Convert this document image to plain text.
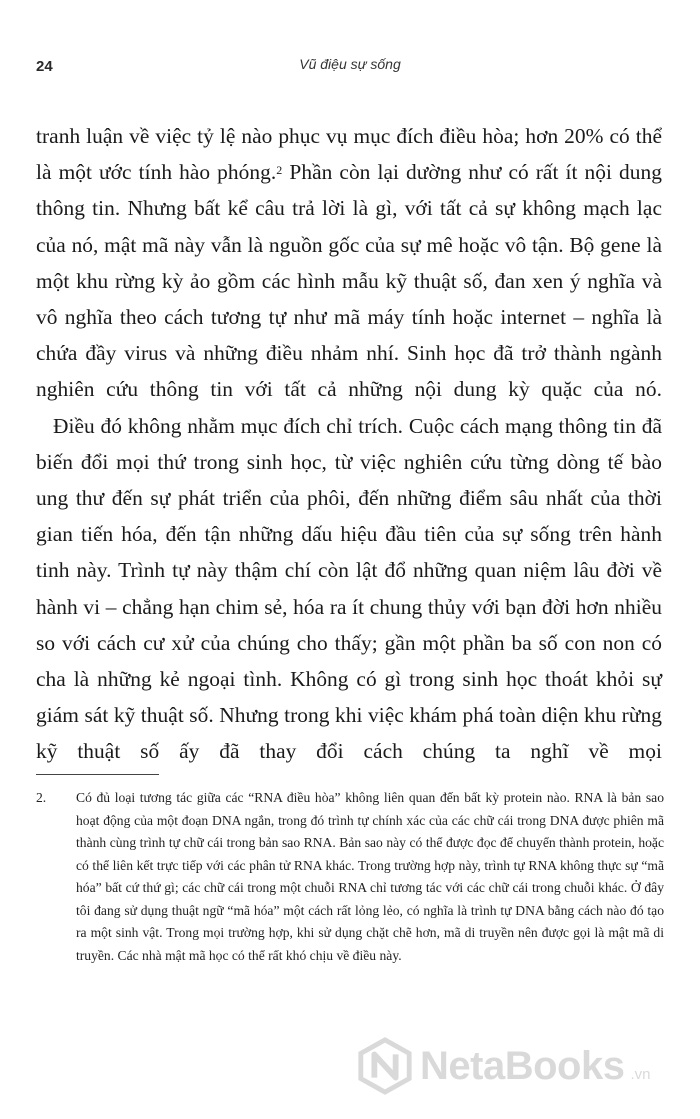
24	Vũ điệu sự sống

tranh luận về việc tỷ lệ nào phục vụ mục đích điều hòa; hơn 20% có thể là một ước tính hào phóng.$^2$ Phần còn lại dường như có rất ít nội dung thông tin. Nhưng bất kể câu trả lời là gì, với tất cả sự không mạch lạc của nó, mật mã này vẫn là nguồn gốc của sự mê hoặc vô tận. Bộ gene là một khu rừng kỳ ảo gồm các hình mẫu kỹ thuật số, đan xen ý nghĩa và vô nghĩa theo cách tương tự như mã máy tính hoặc internet – nghĩa là chứa đầy virus và những điều nhảm nhí. Sinh học đã trở thành ngành nghiên cứu thông tin với tất cả những nội dung kỳ quặc của nó.

Điều đó không nhằm mục đích chỉ trích. Cuộc cách mạng thông tin đã biến đổi mọi thứ trong sinh học, từ việc nghiên cứu từng dòng tế bào ung thư đến sự phát triển của phôi, đến những điểm sâu nhất của thời gian tiến hóa, đến tận những dấu hiệu đầu tiên của sự sống trên hành tinh này. Trình tự này thậm chí còn lật đổ những quan niệm lâu đời về hành vi – chẳng hạn chim sẻ, hóa ra ít chung thủy với bạn đời hơn nhiều so với cách cư xử của chúng cho thấy; gần một phần ba số con non có cha là những kẻ ngoại tình. Không có gì trong sinh học thoát khỏi sự giám sát kỹ thuật số. Nhưng trong khi việc khám phá toàn diện khu rừng kỹ thuật số ấy đã thay đổi cách chúng ta nghĩ về mọi

2. Có đủ loại tương tác giữa các “RNA điều hòa” không liên quan đến bất kỳ protein nào. RNA là bản sao hoạt động của một đoạn DNA ngắn, trong đó trình tự chính xác của các chữ cái trong DNA được phiên mã thành cùng trình tự chữ cái trong bản sao RNA. Bản sao này có thể được đọc để chuyển thành protein, hoặc có thể liên kết trực tiếp với các phân tử RNA khác. Trong trường hợp này, trình tự RNA không thực sự “mã hóa” bất cứ thứ gì; các chữ cái trong một chuỗi RNA chỉ tương tác với các chữ cái trong chuỗi khác. Ở đây tôi đang sử dụng thuật ngữ “mã hóa” một cách rất lỏng lẻo, có nghĩa là trình tự DNA bằng cách nào đó tạo ra một sinh vật. Trong mọi trường hợp, khi sử dụng chặt chẽ hơn, mã di truyền nên được gọi là mật mã di truyền. Các nhà mật mã học có thể rất khó chịu về điều này.

NetaBooks .vn
